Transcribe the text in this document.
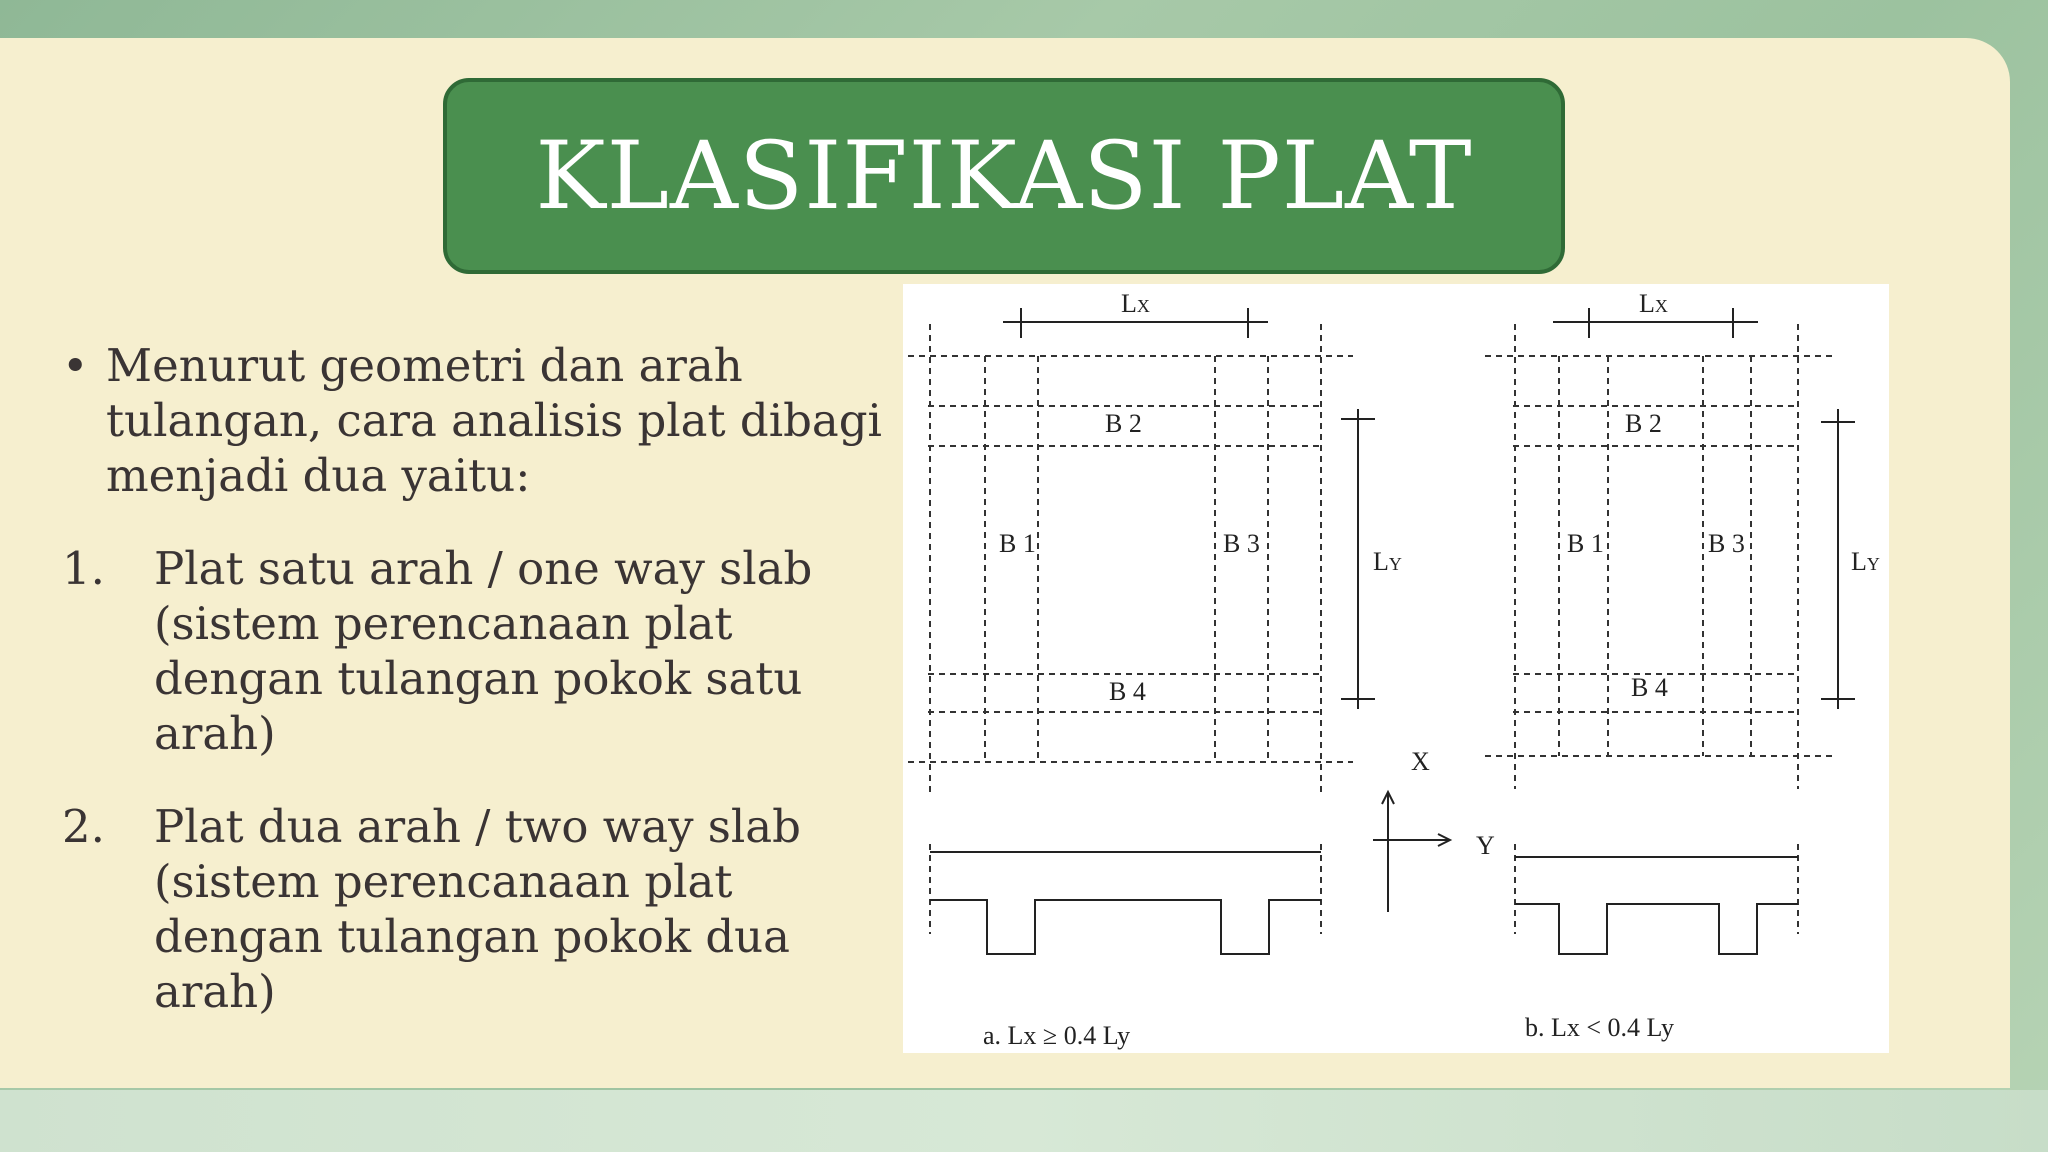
KLASIFIKASI PLAT
• Menurut geometri dan arah tulangan, cara analisis plat dibagi menjadi dua yaitu:
1.	Plat satu arah / one way slab (sistem perencanaan plat dengan tulangan pokok satu arah)
2.	Plat dua arah / two way slab (sistem perencanaan plat dengan tulangan pokok dua arah)
LX
B 2
B 1	B 3
B 4
LY
LX
B 2
B 1	B 3
B 4
LY
X
Y
a. Lx ≥ 0.4 Ly	b. Lx < 0.4 Ly
